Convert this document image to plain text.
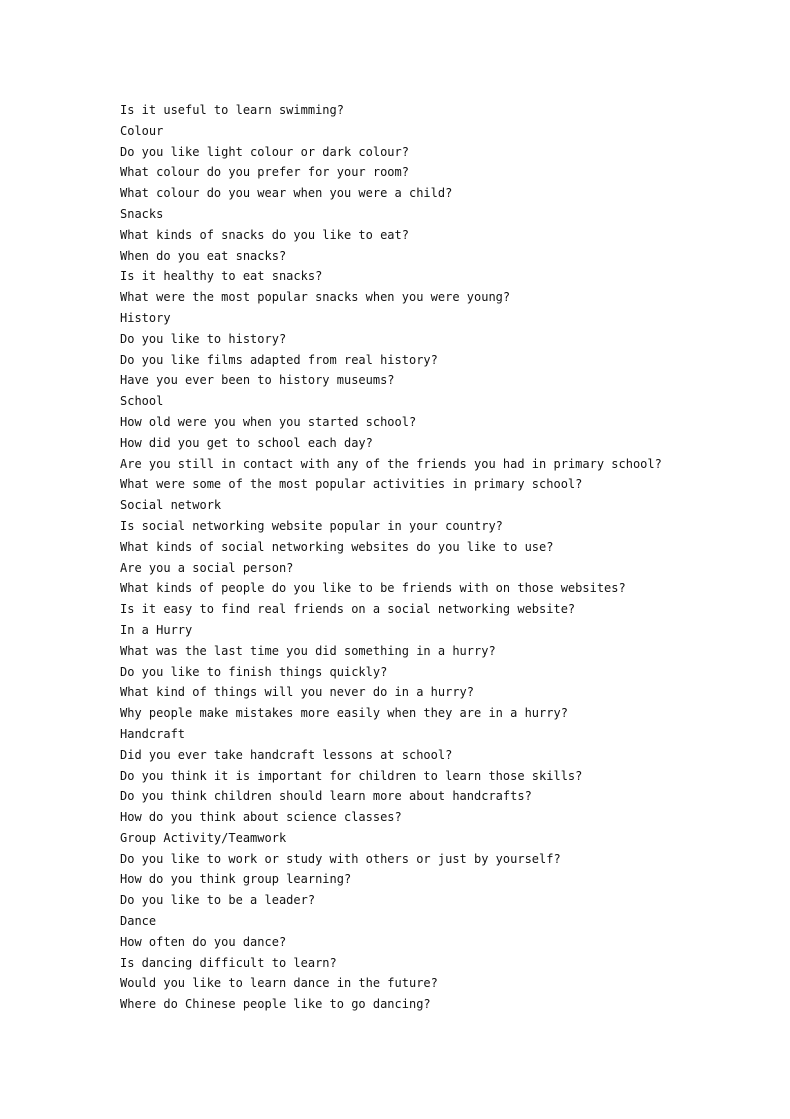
Is it useful to learn swimming?

Colour

Do you like light colour or dark colour?

What colour do you prefer for your room?

What colour do you wear when you were a child?

Snacks

What kinds of snacks do you like to eat?

When do you eat snacks?

Is it healthy to eat snacks?

What were the most popular snacks when you were young?

History

Do you like to history?

Do you like films adapted from real history?

Have you ever been to history museums?

School

How old were you when you started school?

How did you get to school each day?

Are you still in contact with any of the friends you had in primary school?

What were some of the most popular activities in primary school?

Social network

Is social networking website popular in your country?

What kinds of social networking websites do you like to use?

Are you a social person?

What kinds of people do you like to be friends with on those websites?

Is it easy to find real friends on a social networking website?

In a Hurry

What was the last time you did something in a hurry?

Do you like to finish things quickly?

What kind of things will you never do in a hurry?

Why people make mistakes more easily when they are in a hurry?

Handcraft

Did you ever take handcraft lessons at school?

Do you think it is important for children to learn those skills?

Do you think children should learn more about handcrafts?

How do you think about science classes?

Group Activity/Teamwork

Do you like to work or study with others or just by yourself?

How do you think group learning?

Do you like to be a leader?

Dance

How often do you dance?

Is dancing difficult to learn?

Would you like to learn dance in the future?

Where do Chinese people like to go dancing?
